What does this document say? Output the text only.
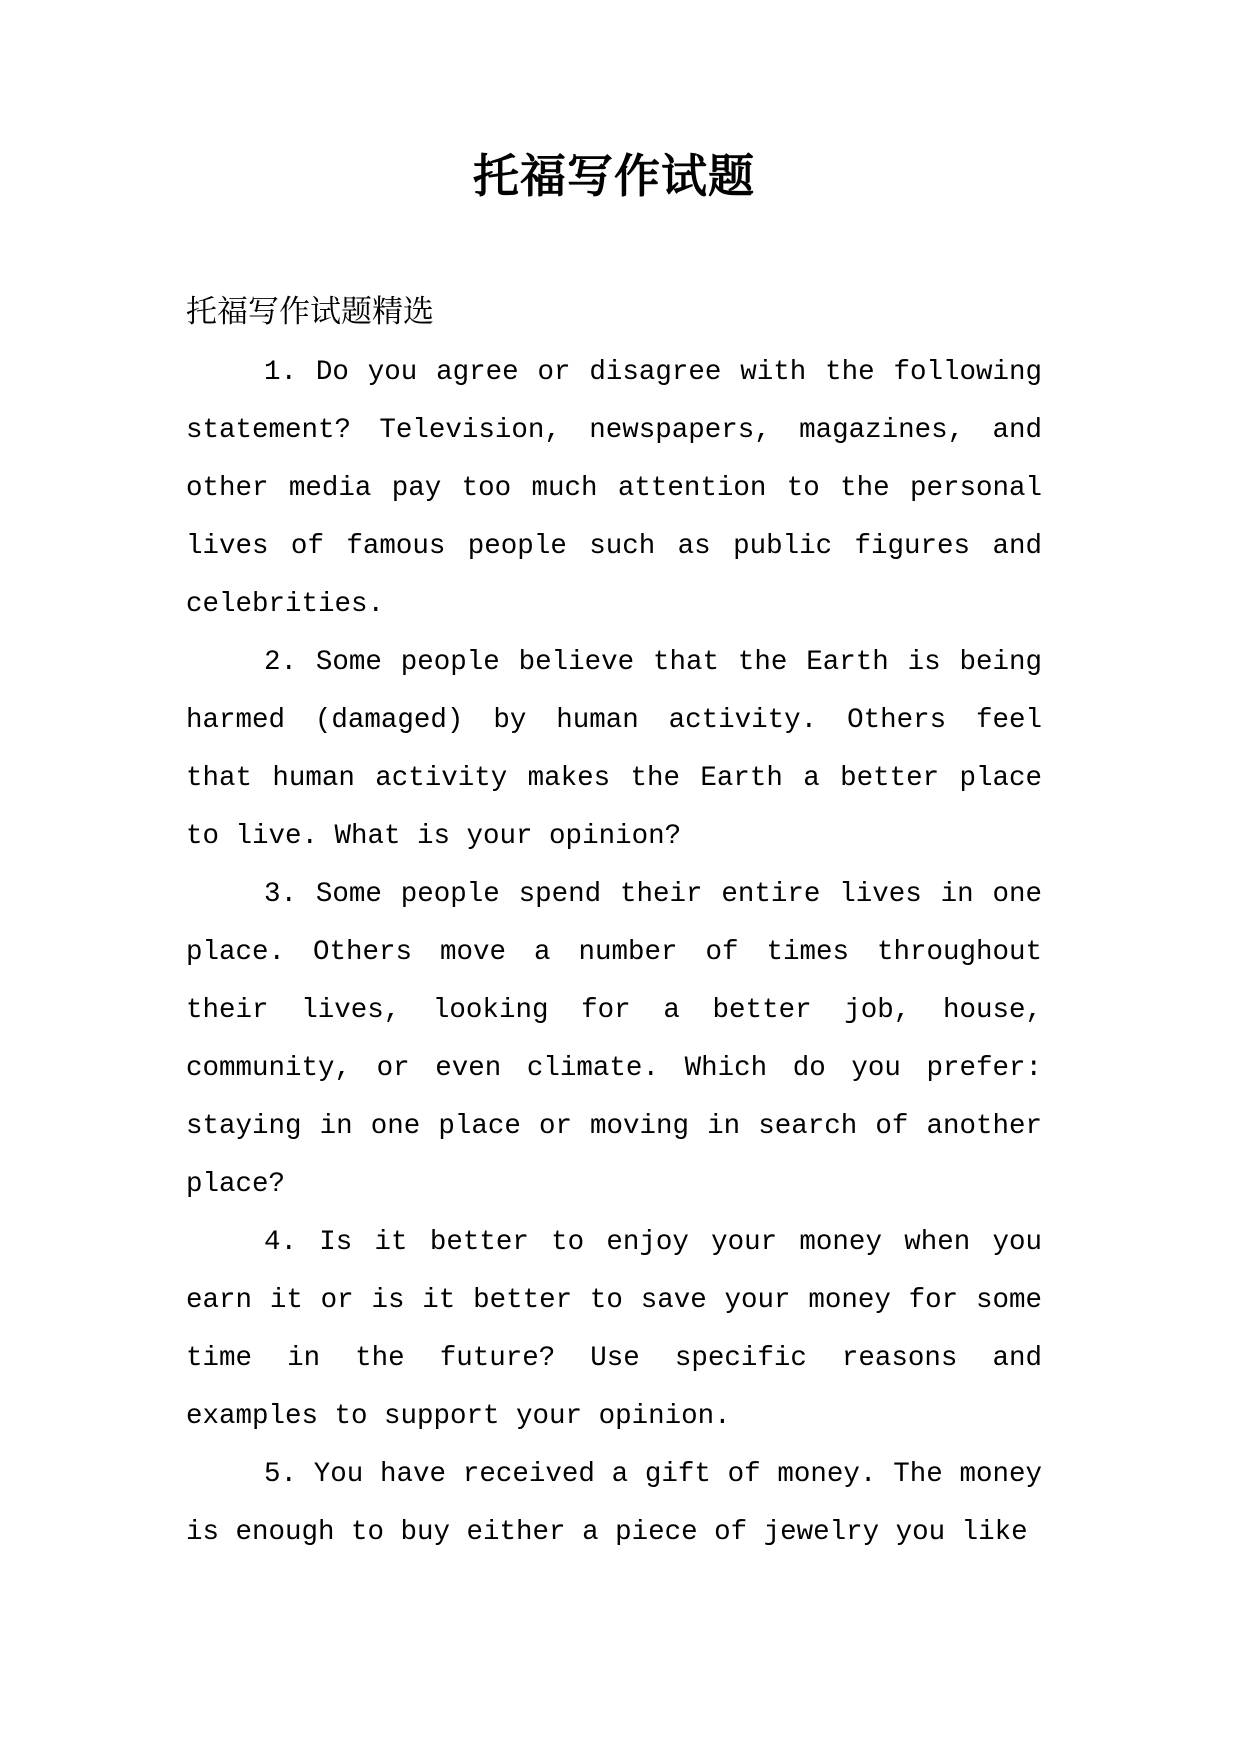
托福写作试题
托福写作试题精选
1. Do you agree or disagree with the following
statement? Television, newspapers, magazines, and
other media pay too much attention to the personal
lives of famous people such as public figures and
celebrities.
2. Some people believe that the Earth is being
harmed (damaged) by human activity. Others feel
that human activity makes the Earth a better place
to live. What is your opinion?
3. Some people spend their entire lives in one
place. Others move a number of times throughout
their lives, looking for a better job, house,
community, or even climate. Which do you prefer:
staying in one place or moving in search of another
place?
4. Is it better to enjoy your money when you
earn it or is it better to save your money for some
time in the future? Use specific reasons and
examples to support your opinion.
5. You have received a gift of money. The money
is enough to buy either a piece of jewelry you like
